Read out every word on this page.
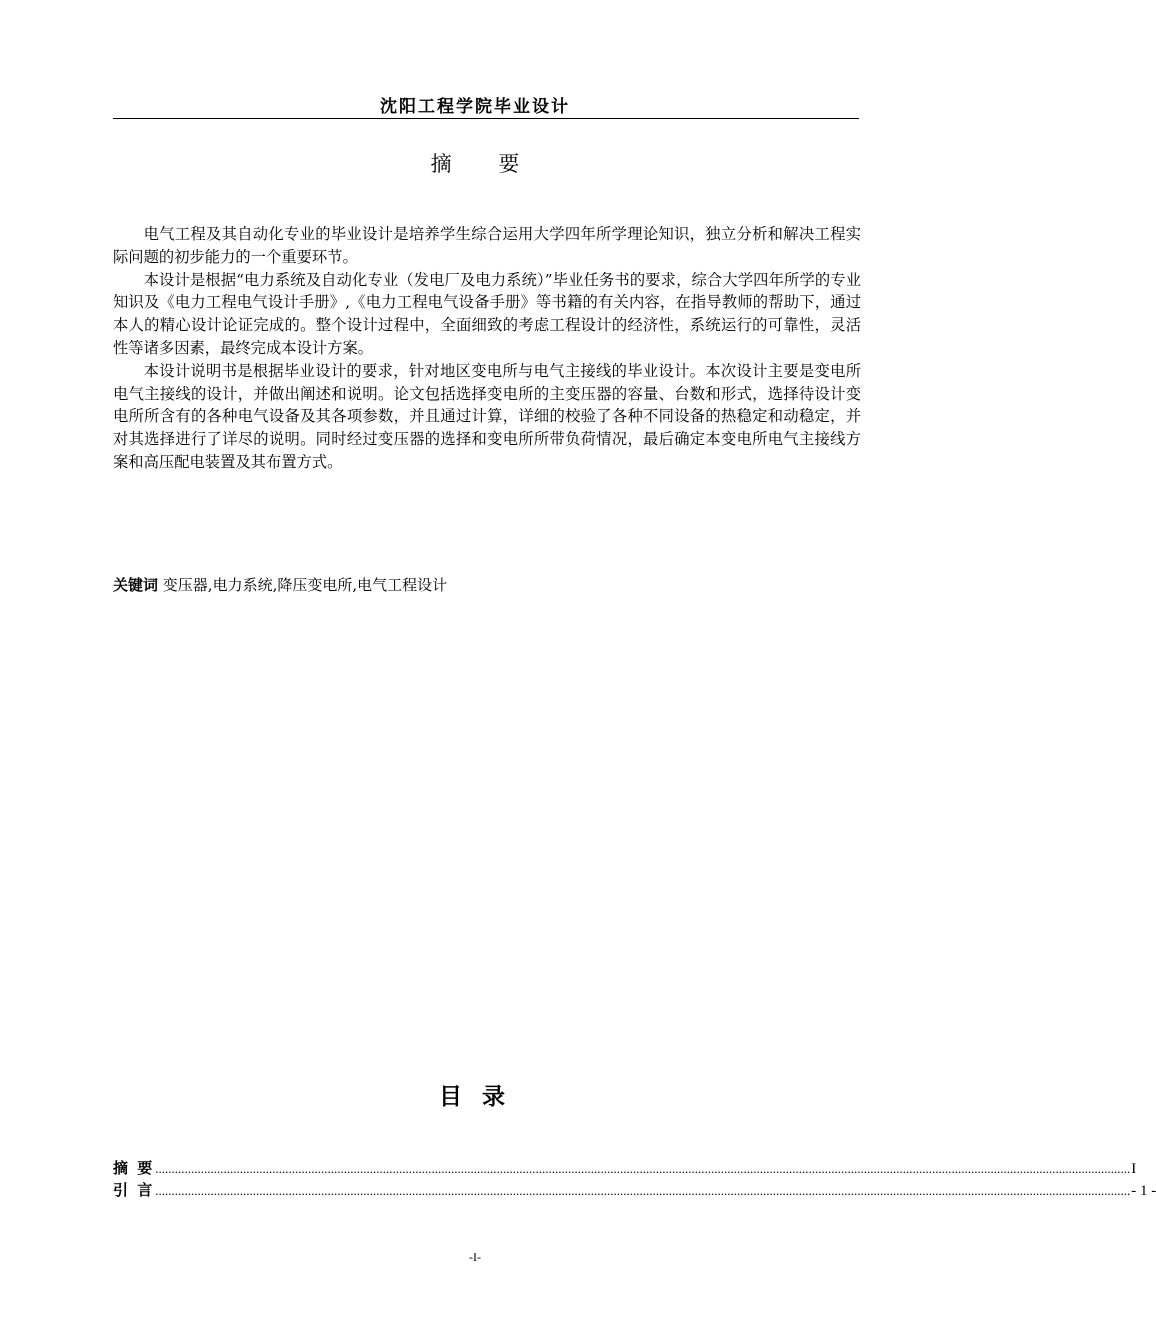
沈阳工程学院毕业设计
摘 要

电气工程及其自动化专业的毕业设计是培养学生综合运用大学四年所学理论知识，独立分析和解决工程实际问题的初步能力的一个重要环节。

本设计是根据“电力系统及自动化专业（发电厂及电力系统）”毕业任务书的要求，综合大学四年所学的专业知识及《电力工程电气设计手册》,《电力工程电气设备手册》等书籍的有关内容，在指导教师的帮助下，通过本人的精心设计论证完成的。整个设计过程中，全面细致的考虑工程设计的经济性，系统运行的可靠性，灵活性等诸多因素，最终完成本设计方案。

本设计说明书是根据毕业设计的要求，针对地区变电所与电气主接线的毕业设计。本次设计主要是变电所电气主接线的设计，并做出阐述和说明。论文包括选择变电所的主变压器的容量、台数和形式，选择待设计变电所所含有的各种电气设备及其各项参数，并且通过计算，详细的校验了各种不同设备的热稳定和动稳定，并对其选择进行了详尽的说明。同时经过变压器的选择和变电所所带负荷情况，最后确定本变电所电气主接线方案和高压配电装置及其布置方式。

关键词 变压器,电力系统,降压变电所,电气工程设计
目 录
摘 要 ............................................................................................................................................................................................................................................................................................................ I
引 言 ............................................................................................................................................................................................................................................................................................................ - 1 -
-I-
